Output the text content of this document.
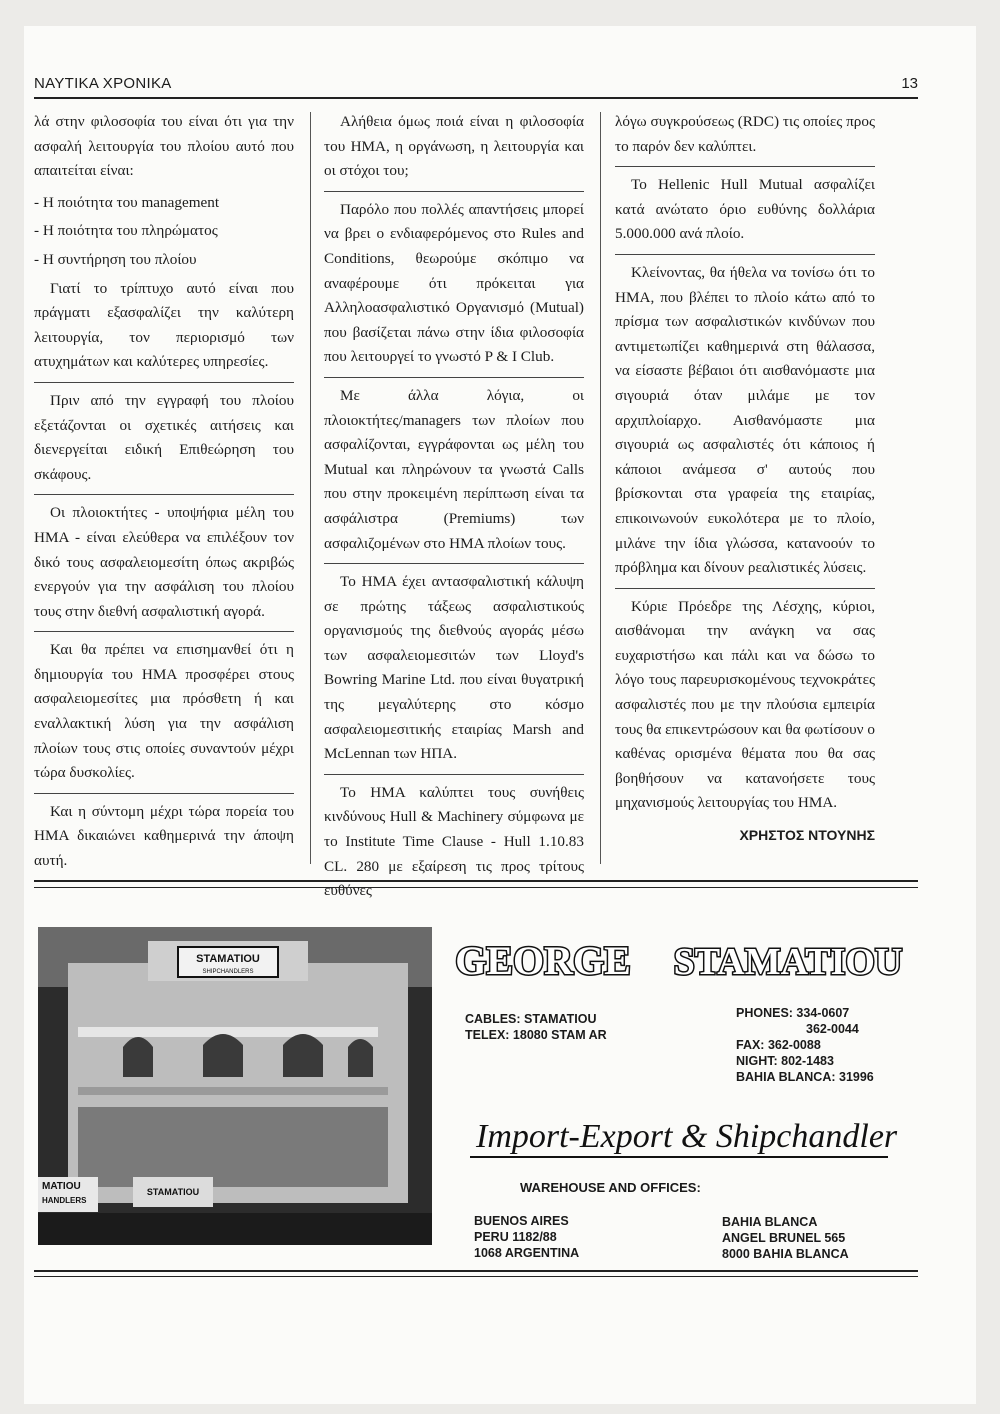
ΝΑΥΤΙΚΑ ΧΡΟΝΙΚΑ	13

λά στην φιλοσοφία του είναι ότι για την ασφαλή λειτουργία του πλοίου αυτό που απαιτείται είναι:

- Η ποιότητα του management
- Η ποιότητα του πληρώματος
- Η συντήρηση του πλοίου

Γιατί το τρίπτυχο αυτό είναι που πράγματι εξασφαλίζει την καλύτερη λειτουργία, τον περιορισμό των ατυχημάτων και καλύτερες υπηρεσίες.

Πριν από την εγγραφή του πλοίου εξετάζονται οι σχετικές αιτήσεις και διενεργείται ειδική Επιθεώρηση του σκάφους.

Οι πλοιοκτήτες - υποψήφια μέλη του HMA - είναι ελεύθερα να επιλέξουν τον δικό τους ασφαλειομεσίτη όπως ακριβώς ενεργούν για την ασφάλιση του πλοίου τους στην διεθνή ασφαλιστική αγορά.

Και θα πρέπει να επισημανθεί ότι η δημιουργία του HMA προσφέρει στους ασφαλειομεσίτες μια πρόσθετη ή και εναλλακτική λύση για την ασφάλιση πλοίων τους στις οποίες συναντούν μέχρι τώρα δυσκολίες.

Και η σύντομη μέχρι τώρα πορεία του HMA δικαιώνει καθημερινά την άποψη αυτή.

Αλήθεια όμως ποιά είναι η φιλοσοφία του HMA, η οργάνωση, η λειτουργία και οι στόχοι του;

Παρόλο που πολλές απαντήσεις μπορεί να βρει ο ενδιαφερόμενος στο Rules and Conditions, θεωρούμε σκόπιμο να αναφέρουμε ότι πρόκειται για Αλληλοασφαλιστικό Οργανισμό (Mutual) που βασίζεται πάνω στην ίδια φιλοσοφία που λειτουργεί το γνωστό P & I Club.

Με άλλα λόγια, οι πλοιοκτήτες/managers των πλοίων που ασφαλίζονται, εγγράφονται ως μέλη του Mutual και πληρώνουν τα γνωστά Calls που στην προκειμένη περίπτωση είναι τα ασφάλιστρα (Premiums) των ασφαλιζομένων στο HMA πλοίων τους.

Το HMA έχει αντασφαλιστική κάλυψη σε πρώτης τάξεως ασφαλιστικούς οργανισμούς της διεθνούς αγοράς μέσω των ασφαλειομεσιτών των Lloyd's Bowring Marine Ltd. που είναι θυγατρική της μεγαλύτερης στο κόσμο ασφαλειομεσιτικής εταιρίας Marsh and McLennan των ΗΠΑ.

Το HMA καλύπτει τους συνήθεις κινδύνους Hull & Machinery σύμφωνα με το Institute Time Clause - Hull 1.10.83 CL. 280 με εξαίρεση τις προς τρίτους ευθύνες

λόγω συγκρούσεως (RDC) τις οποίες προς το παρόν δεν καλύπτει.

Το Hellenic Hull Mutual ασφαλίζει κατά ανώτατο όριο ευθύνης δολλάρια 5.000.000 ανά πλοίο.

Κλείνοντας, θα ήθελα να τονίσω ότι το HMA, που βλέπει το πλοίο κάτω από το πρίσμα των ασφαλιστικών κινδύνων που αντιμετωπίζει καθημερινά στη θάλασσα, να είσαστε βέβαιοι ότι αισθανόμαστε μια σιγουριά όταν μιλάμε με τον αρχιπλοίαρχο. Αισθανόμαστε μια σιγουριά ως ασφαλιστές ότι κάποιος ή κάποιοι ανάμεσα σ' αυτούς που βρίσκονται στα γραφεία της εταιρίας, επικοινωνούν ευκολότερα με το πλοίο, μιλάνε την ίδια γλώσσα, κατανοούν το πρόβλημα και δίνουν ρεαλιστικές λύσεις.

Κύριε Πρόεδρε της Λέσχης, κύριοι, αισθάνομαι την ανάγκη να σας ευχαριστήσω και πάλι και να δώσω το λόγο τους παρευρισκομένους τεχνοκράτες ασφαλιστές που με την πλούσια εμπειρία τους θα επικεντρώσουν και θα φωτίσουν ο καθένας ορισμένα θέματα που θα σας βοηθήσουν να κατανοήσετε τους μηχανισμούς λειτουργίας του HMA.

ΧΡΗΣΤΟΣ ΝΤΟΥΝΗΣ

STAMATIOU
SHIPCHANDLERS
MATIOU
HANDLERS
STAMATIOU
GEORGE STAMATIOU
CABLES: STAMATIOU
TELEX: 18080 STAM AR
PHONES: 334-0607
362-0044
FAX: 362-0088
NIGHT: 802-1483
BAHIA BLANCA: 31996
Import-Export & Shipchandler
WAREHOUSE AND OFFICES:
BUENOS AIRES
PERU 1182/88
1068 ARGENTINA
BAHIA BLANCA
ANGEL BRUNEL 565
8000 BAHIA BLANCA
